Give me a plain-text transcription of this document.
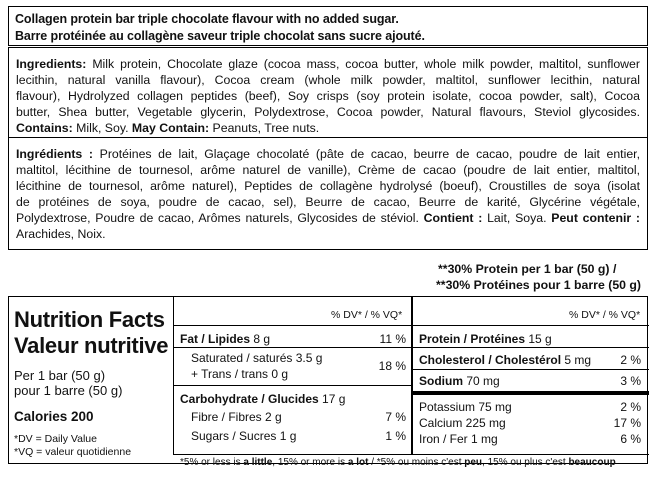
Collagen protein bar triple chocolate flavour with no added sugar.
Barre protéinée au collagène saveur triple chocolat sans sucre ajouté.
Ingredients: Milk protein, Chocolate glaze (cocoa mass, cocoa butter, whole milk powder, maltitol, sunflower
lecithin, natural vanilla flavour), Cocoa cream (whole milk powder, maltitol, sunflower lecithin, natural
flavour), Hydrolyzed collagen peptides (beef), Soy crisps (soy protein isolate, cocoa powder, salt), Cocoa
butter, Shea butter, Vegetable glycerin, Polydextrose, Cocoa powder, Natural flavours, Steviol glycosides.
Contains: Milk, Soy. May Contain: Peanuts, Tree nuts.
Ingrédients : Protéines de lait, Glaçage chocolaté (pâte de cacao, beurre de cacao, poudre de lait entier,
maltitol, lécithine de tournesol, arôme naturel de vanille), Crème de cacao (poudre de lait entier, maltitol,
lécithine de tournesol, arôme naturel), Peptides de collagène hydrolysé (boeuf), Croustilles de soya (isolat
de protéines de soya, poudre de cacao, sel), Beurre de cacao, Beurre de karité, Glycérine végétale,
Polydextrose, Poudre de cacao, Arômes naturels, Glycosides de stéviol. Contient : Lait, Soya. Peut contenir :
Arachides, Noix.
**30% Protein per 1 bar (50 g) /
**30% Protéines pour 1 barre (50 g)
Nutrition Facts
Valeur nutritive
Per 1 bar (50 g)
pour 1 barre (50 g)
Calories 200
*DV = Daily Value
*VQ = valeur quotidienne
% DV* / % VQ*
Fat / Lipides 8 g	11 %
Saturated / saturés 3.5 g
+ Trans / trans 0 g
18 %
Carbohydrate / Glucides 17 g
Fibre / Fibres 2 g	7 %
Sugars / Sucres 1 g	1 %
% DV* / % VQ*
Protein / Protéines 15 g
Cholesterol / Cholestérol 5 mg 2 %
Sodium 70 mg	3 %
Potassium 75 mg	2 %
Calcium 225 mg	17 %
Iron / Fer 1 mg	6 %
*5% or less is a little, 15% or more is a lot / *5% ou moins c'est peu, 15% ou plus c'est beaucoup
